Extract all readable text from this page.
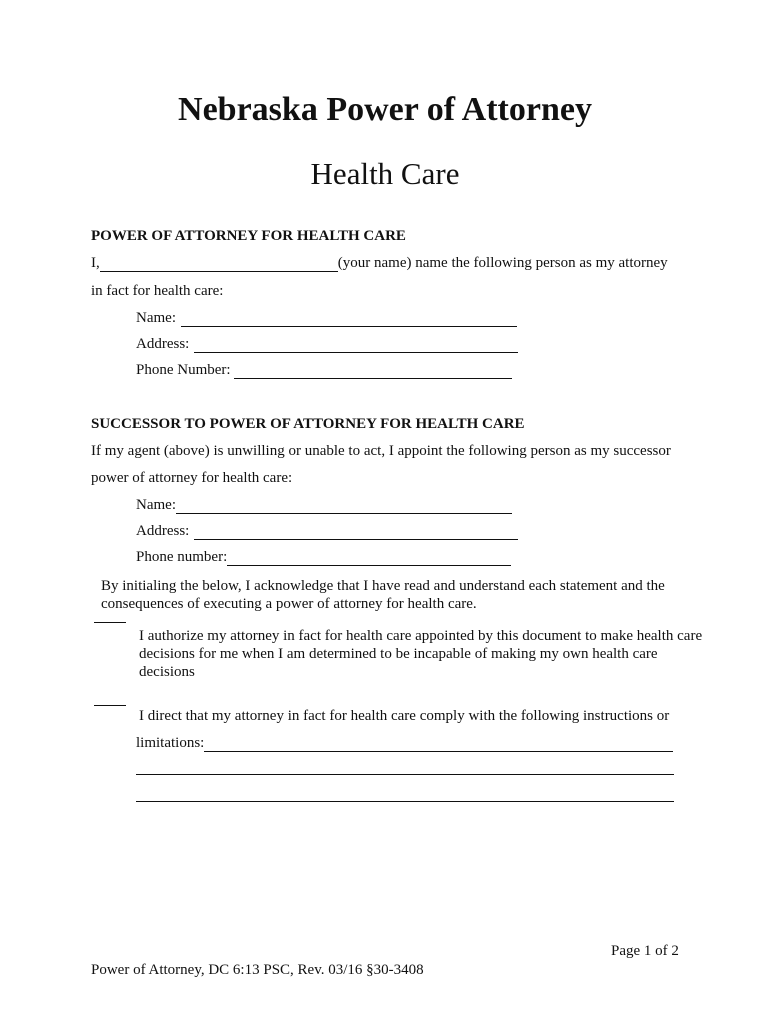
Nebraska Power of Attorney
Health Care
POWER OF ATTORNEY FOR HEALTH CARE
I,	(your name) name the following person as my attorney
in fact for health care:
Name:
Address:
Phone Number:
SUCCESSOR TO POWER OF ATTORNEY FOR HEALTH CARE
If my agent (above) is unwilling or unable to act, I appoint the following person as my successor
power of attorney for health care:
Name:
Address:
Phone number:
By initialing the below, I acknowledge that I have read and understand each statement and the consequences of executing a power of attorney for health care.
I authorize my attorney in fact for health care appointed by this document to make health care decisions for me when I am determined to be incapable of making my own health care decisions
I direct that my attorney in fact for health care comply with the following instructions or
limitations:
Page 1 of 2
Power of Attorney, DC 6:13 PSC, Rev. 03/16 §30-3408
